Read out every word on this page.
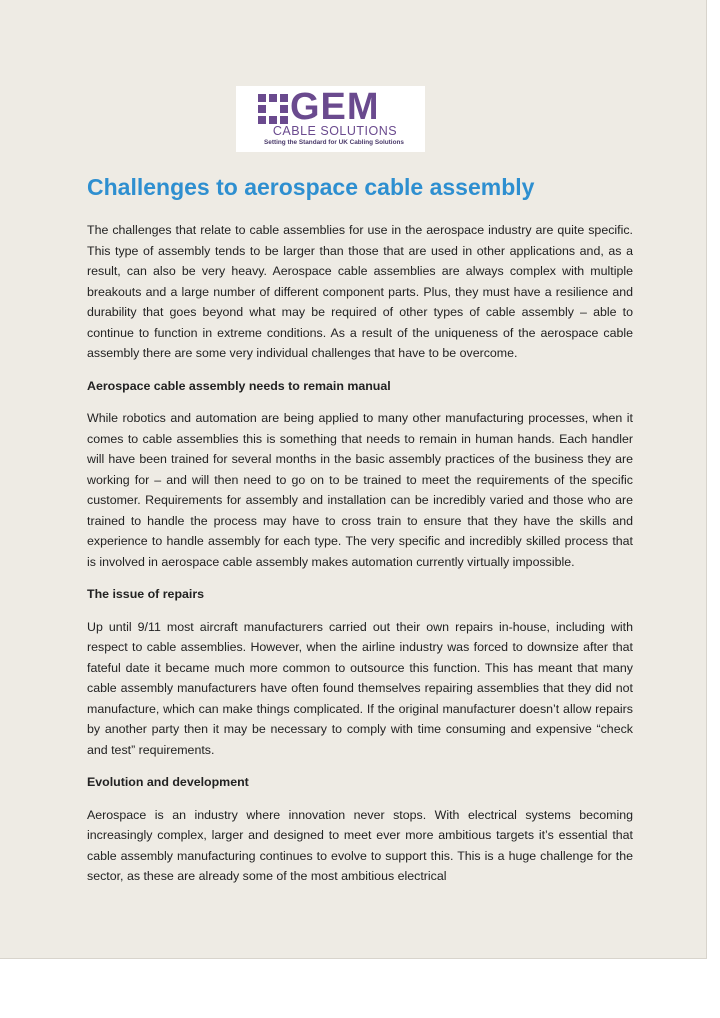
GEM
CABLE SOLUTIONS
Setting the Standard for UK Cabling Solutions
Challenges to aerospace cable assembly

The challenges that relate to cable assemblies for use in the aerospace industry are quite specific. This type of assembly tends to be larger than those that are used in other applications and, as a result, can also be very heavy. Aerospace cable assemblies are always complex with multiple breakouts and a large number of different component parts. Plus, they must have a resilience and durability that goes beyond what may be required of other types of cable assembly – able to continue to function in extreme conditions. As a result of the uniqueness of the aerospace cable assembly there are some very individual challenges that have to be overcome.

Aerospace cable assembly needs to remain manual

While robotics and automation are being applied to many other manufacturing processes, when it comes to cable assemblies this is something that needs to remain in human hands. Each handler will have been trained for several months in the basic assembly practices of the business they are working for – and will then need to go on to be trained to meet the requirements of the specific customer. Requirements for assembly and installation can be incredibly varied and those who are trained to handle the process may have to cross train to ensure that they have the skills and experience to handle assembly for each type. The very specific and incredibly skilled process that is involved in aerospace cable assembly makes automation currently virtually impossible.

The issue of repairs

Up until 9/11 most aircraft manufacturers carried out their own repairs in-house, including with respect to cable assemblies. However, when the airline industry was forced to downsize after that fateful date it became much more common to outsource this function. This has meant that many cable assembly manufacturers have often found themselves repairing assemblies that they did not manufacture, which can make things complicated. If the original manufacturer doesn’t allow repairs by another party then it may be necessary to comply with time consuming and expensive “check and test” requirements.

Evolution and development

Aerospace is an industry where innovation never stops. With electrical systems becoming increasingly complex, larger and designed to meet ever more ambitious targets it’s essential that cable assembly manufacturing continues to evolve to support this. This is a huge challenge for the sector, as these are already some of the most ambitious electrical
